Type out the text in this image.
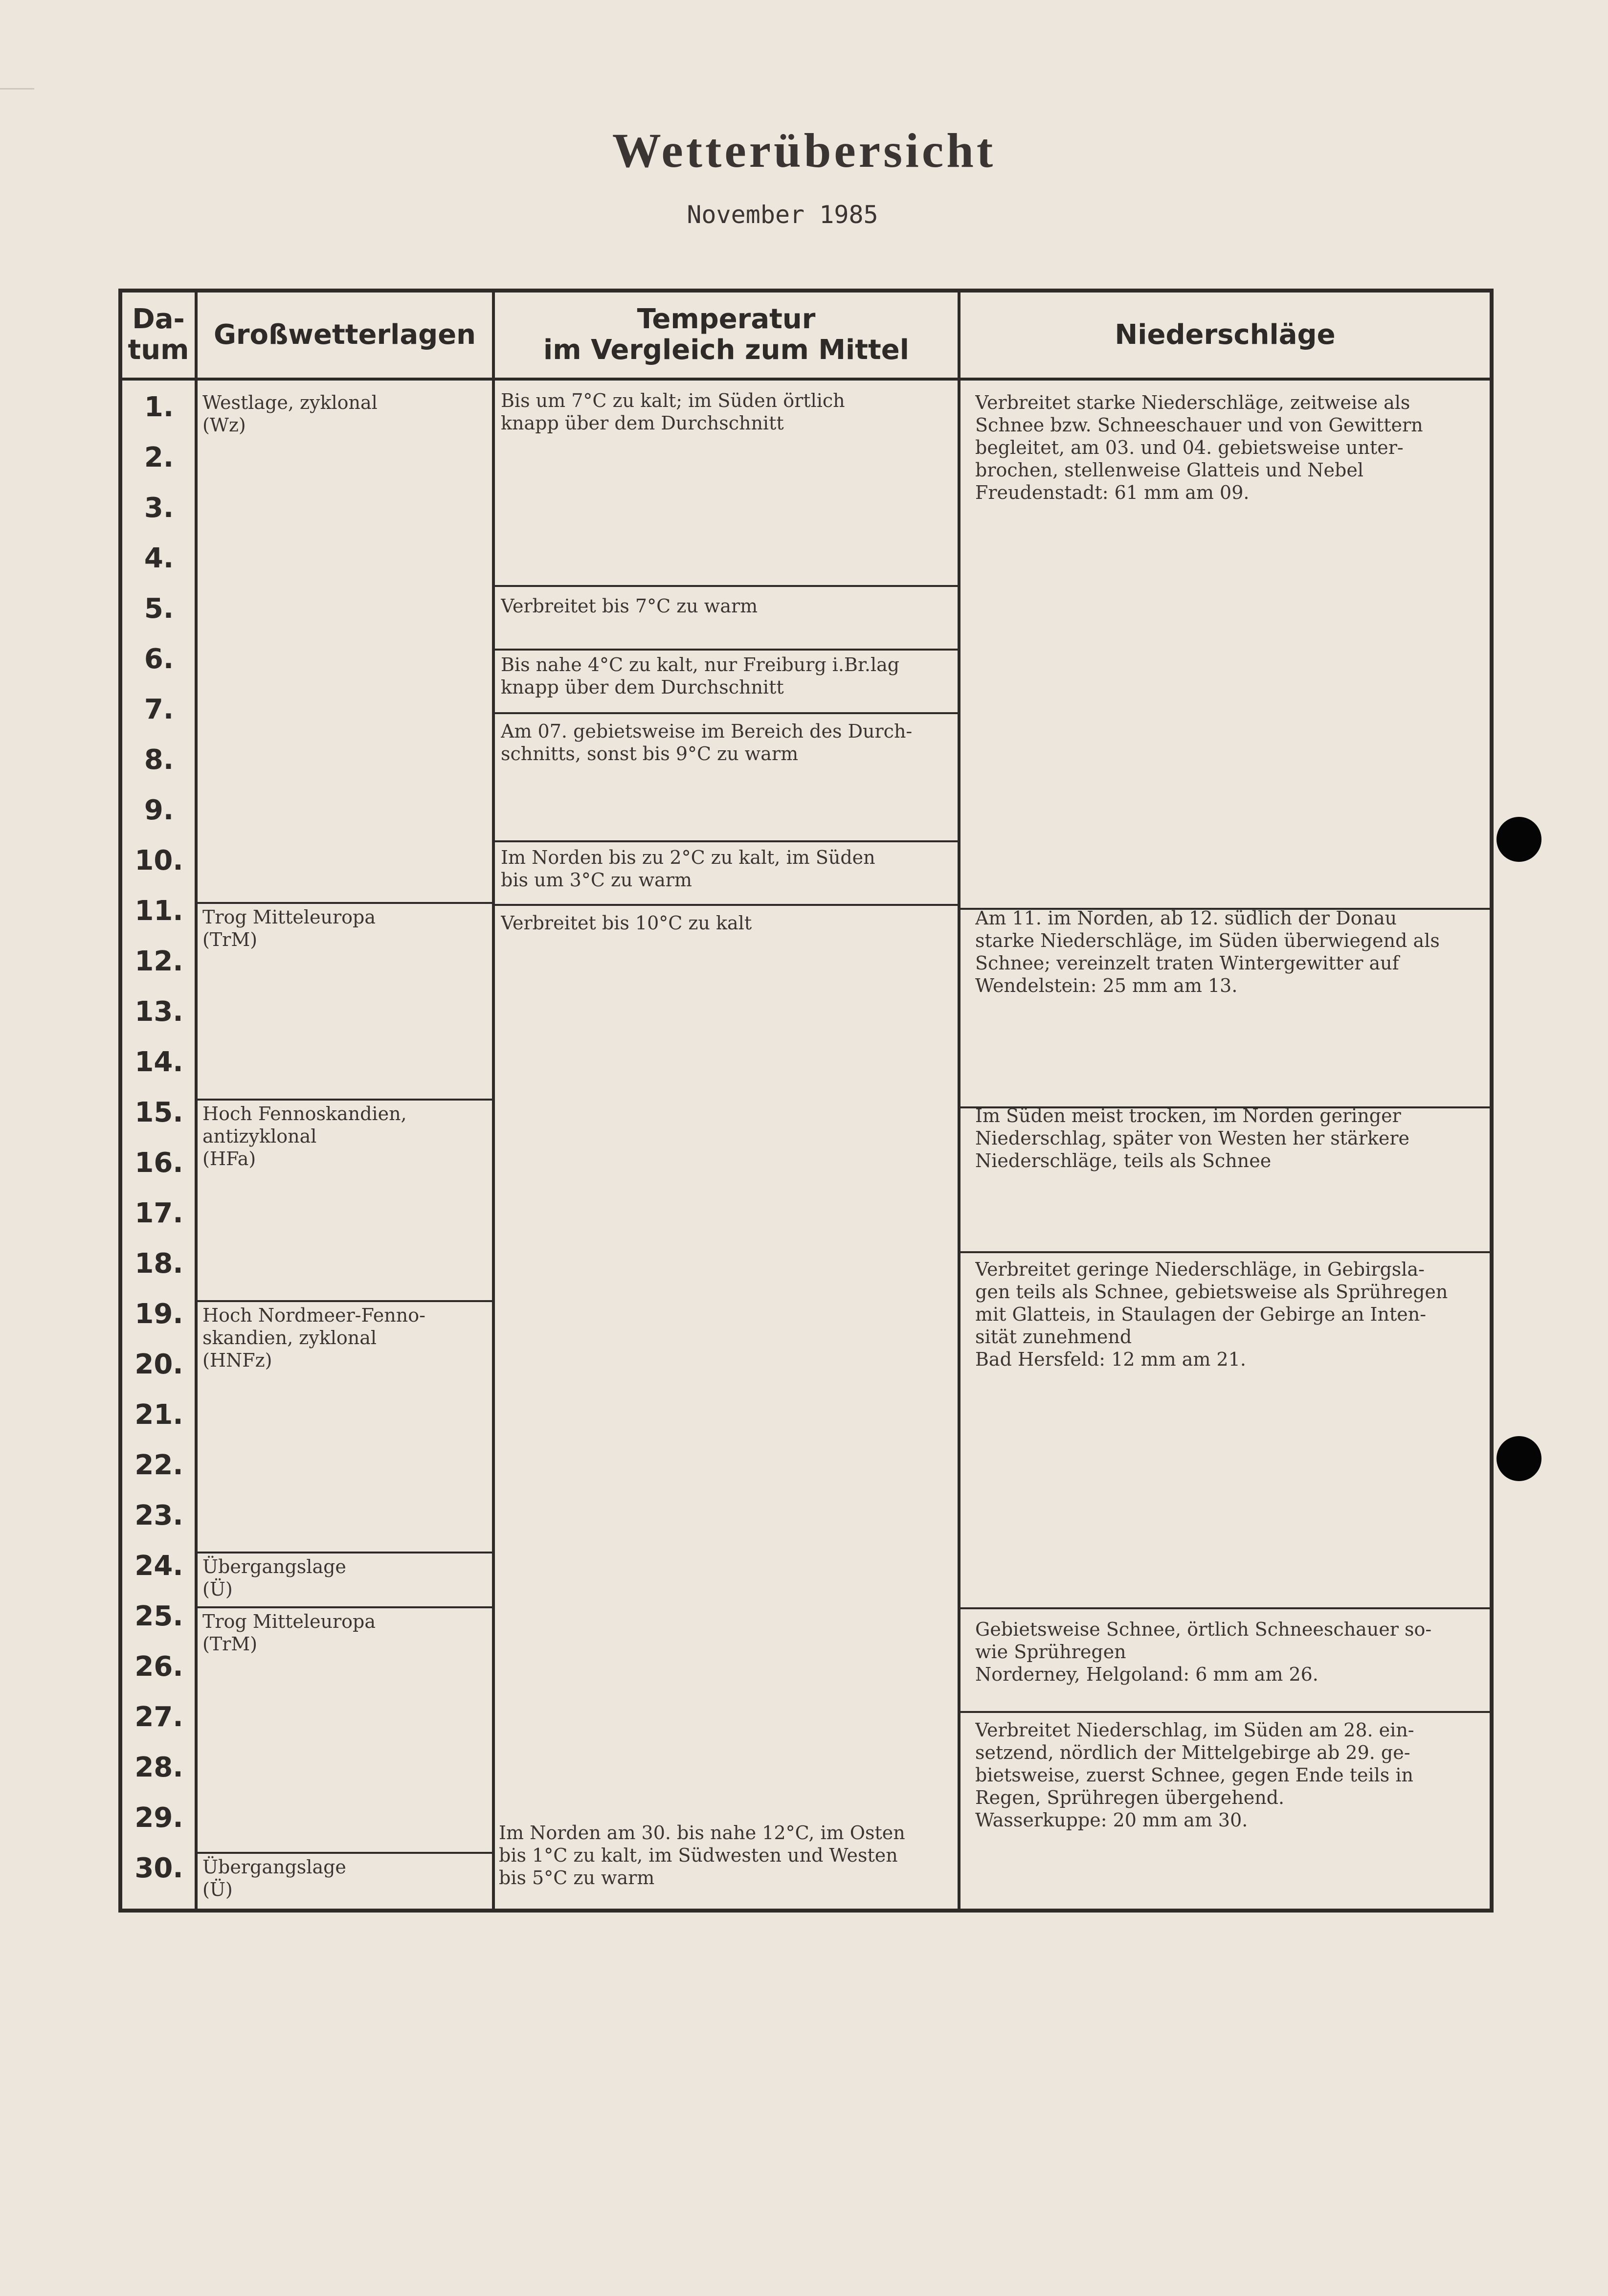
Wetterübersicht
November 1985
Da-
tum Großwetterlagen	Temperatur
im Vergleich zum Mittel	Niederschläge
1.
2.
3.
4.
5.
6.
7.
8.
9.
10.
11.
12.
13.
14.
15.
16.
17.
18.
19.
20.
21.
22.
23.
24.
25.
26.
27.
28.
29.
30.
Westlage, zyklonal
(Wz)
Trog Mitteleuropa
(TrM)
Hoch Fennoskandien,
antizyklonal
(HFa)
Hoch Nordmeer-Fenno-
skandien, zyklonal
(HNFz)
Übergangslage
(Ü)
Trog Mitteleuropa
(TrM)
Übergangslage
(Ü)
Bis um 7°C zu kalt; im Süden örtlich
knapp über dem Durchschnitt
Verbreitet bis 7°C zu warm
Bis nahe 4°C zu kalt, nur Freiburg i.Br.lag
knapp über dem Durchschnitt
Am 07. gebietsweise im Bereich des Durch-
schnitts, sonst bis 9°C zu warm
Im Norden bis zu 2°C zu kalt, im Süden
bis um 3°C zu warm
Verbreitet bis 10°C zu kalt
Im Norden am 30. bis nahe 12°C, im Osten
bis 1°C zu kalt, im Südwesten und Westen
bis 5°C zu warm
Verbreitet starke Niederschläge, zeitweise als
Schnee bzw. Schneeschauer und von Gewittern
begleitet, am 03. und 04. gebietsweise unter-
brochen, stellenweise Glatteis und Nebel
Freudenstadt: 61 mm am 09.
Am 11. im Norden, ab 12. südlich der Donau
starke Niederschläge, im Süden überwiegend als
Schnee; vereinzelt traten Wintergewitter auf
Wendelstein: 25 mm am 13.
Im Süden meist trocken, im Norden geringer
Niederschlag, später von Westen her stärkere
Niederschläge, teils als Schnee
Verbreitet geringe Niederschläge, in Gebirgsla-
gen teils als Schnee, gebietsweise als Sprühregen
mit Glatteis, in Staulagen der Gebirge an Inten-
sität zunehmend
Bad Hersfeld: 12 mm am 21.
Gebietsweise Schnee, örtlich Schneeschauer so-
wie Sprühregen
Norderney, Helgoland: 6 mm am 26.
Verbreitet Niederschlag, im Süden am 28. ein-
setzend, nördlich der Mittelgebirge ab 29. ge-
bietsweise, zuerst Schnee, gegen Ende teils in
Regen, Sprühregen übergehend.
Wasserkuppe: 20 mm am 30.
